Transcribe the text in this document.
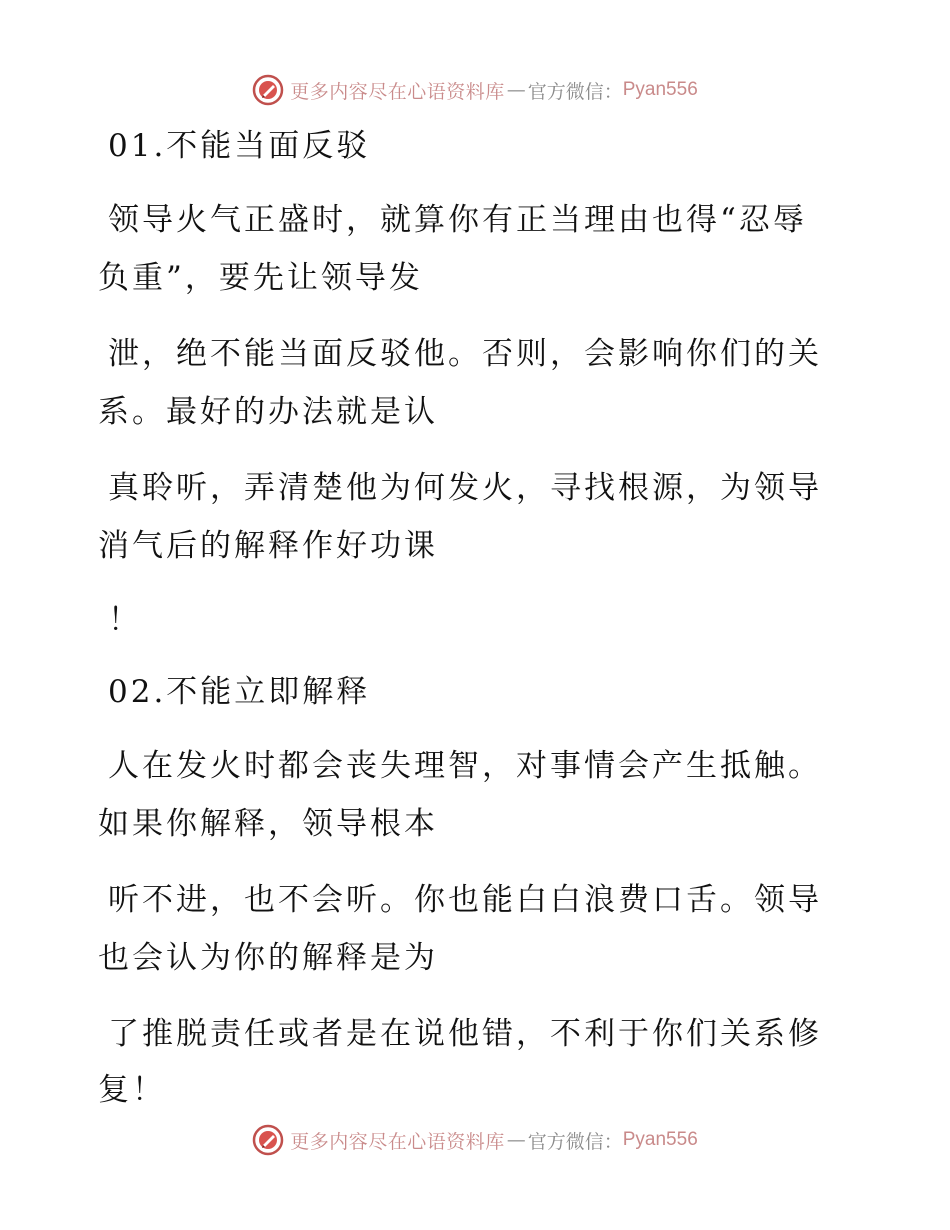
更多内容尽在心语资料库 — 官方微信： Pyan556

01.不能当面反驳

领导火气正盛时，就算你有正当理由也得“忍辱

负重”，要先让领导发

泄，绝不能当面反驳他。否则，会影响你们的关

系。最好的办法就是认

真聆听，弄清楚他为何发火，寻找根源，为领导

消气后的解释作好功课

！

02.不能立即解释

人在发火时都会丧失理智，对事情会产生抵触。

如果你解释，领导根本

听不进，也不会听。你也能白白浪费口舌。领导

也会认为你的解释是为

了推脱责任或者是在说他错，不利于你们关系修

复！

更多内容尽在心语资料库 — 官方微信： Pyan556
